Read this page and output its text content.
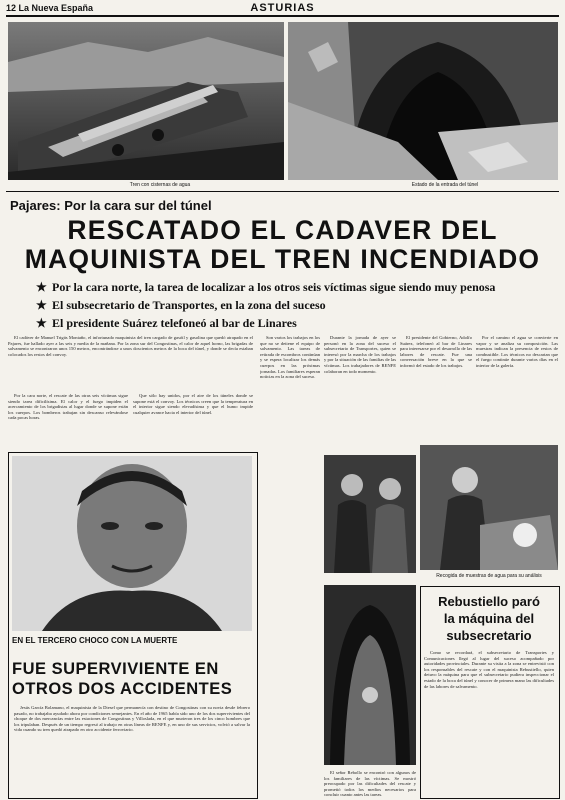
12 La Nueva España	ASTURIAS
Tren con cisternas de agua	Estado de la entrada del túnel
Pajares: Por la cara sur del túnel
RESCATADO EL CADAVER DEL
MAQUINISTA DEL TREN INCENDIADO
★ Por la cara norte, la tarea de localizar a los otros seis víctimas sigue siendo muy penosa
★ El subsecretario de Transportes, en la zona del suceso
★ El presidente Suárez telefoneó al bar de Linares

El cadáver de Manuel Trigás Montaño, el infortunado maquinista del tren cargado de gasóil y gasolina que quedó atrapado en el Pajares, fue hallado ayer a las seis y media de la mañana. Por la zona sur del Congostinas, el calor de aquel horno, las brigadas de salvamento se encontraron unos 150 metros, encontrándose a unos doscientos metros de la boca del túnel, y donde se decía estaban colocados los restos del convoy.

Por la cara norte, el rescate de las otras seis víctimas sigue siendo tarea dificilísima. El calor y el fuego impiden el acercamiento de los brigadistas al lugar donde se supone están los cuerpos. Los bomberos trabajan sin descanso relevándose cada pocas horas.

Que sólo hay unidos, por el aire de los túneles donde se supone está el convoy. Los técnicos creen que la temperatura en el interior sigue siendo elevadísima y que el humo impide cualquier avance hacia el interior del túnel.

EN EL TERCERO CHOCO CON LA MUERTE
FUE SUPERVIVIENTE EN
OTROS DOS ACCIDENTES

Jesús García Bolamano, el maquinista de la Diesel que permanecía con destino de Congostinas con su novia desde febrero pasado, no trabajaba ayudado ahora por condiciones semejantes. En el año de 1965 había sido uno de los dos supervivientes del choque de dos mercancías entre las estaciones de Congostinas y Villoslada, en el que murieron tres de los cinco hombres que los tripulaban. Después de un tiempo regresó al trabajo en otras líneas de RENFE y, en uno de sus servicios, volvió a salvar la vida cuando su tren quedó atrapado en otro accidente ferroviario.

Son varios los trabajos en los que no se detiene el equipo de salvamento. Las tareas de retirada de escombros continúan y se espera localizar los demás cuerpos en las próximas jornadas. Los familiares esperan noticias en la zona del suceso.

Durante la jornada de ayer se personó en la zona del suceso el subsecretario de Transportes, quien se interesó por la marcha de los trabajos y por la situación de las familias de las víctimas. Los trabajadores de RENFE colaboran en todo momento.

El presidente del Gobierno, Adolfo Suárez, telefoneó al bar de Linares para interesarse por el desarrollo de las labores de rescate. Fue una conversación breve en la que se informó del estado de los trabajos.

Por el camino el agua se convierte en vapor y se analiza su composición. Las muestras indican la presencia de restos de combustible. Los técnicos no descartan que el fuego continúe durante varios días en el interior de la galería.

Recogida de muestras de agua para su análisis

El señor Rebollo se encontró con algunos de los familiares de las víctimas. Se mostró preocupado por las dificultades del rescate y prometió todos los medios necesarios para concluir cuanto antes las tareas.

Rebustiello paró
la máquina del
subsecretario

Como se recordará, el subsecretario de Transportes y Comunicaciones llegó al lugar del suceso acompañado por autoridades provinciales. Durante su visita a la zona se entrevistó con los responsables del rescate y con el maquinista Rebustiello, quien detuvo la máquina para que el subsecretario pudiera inspeccionar el estado de la boca del túnel y conocer de primera mano las dificultades de las labores de salvamento.
